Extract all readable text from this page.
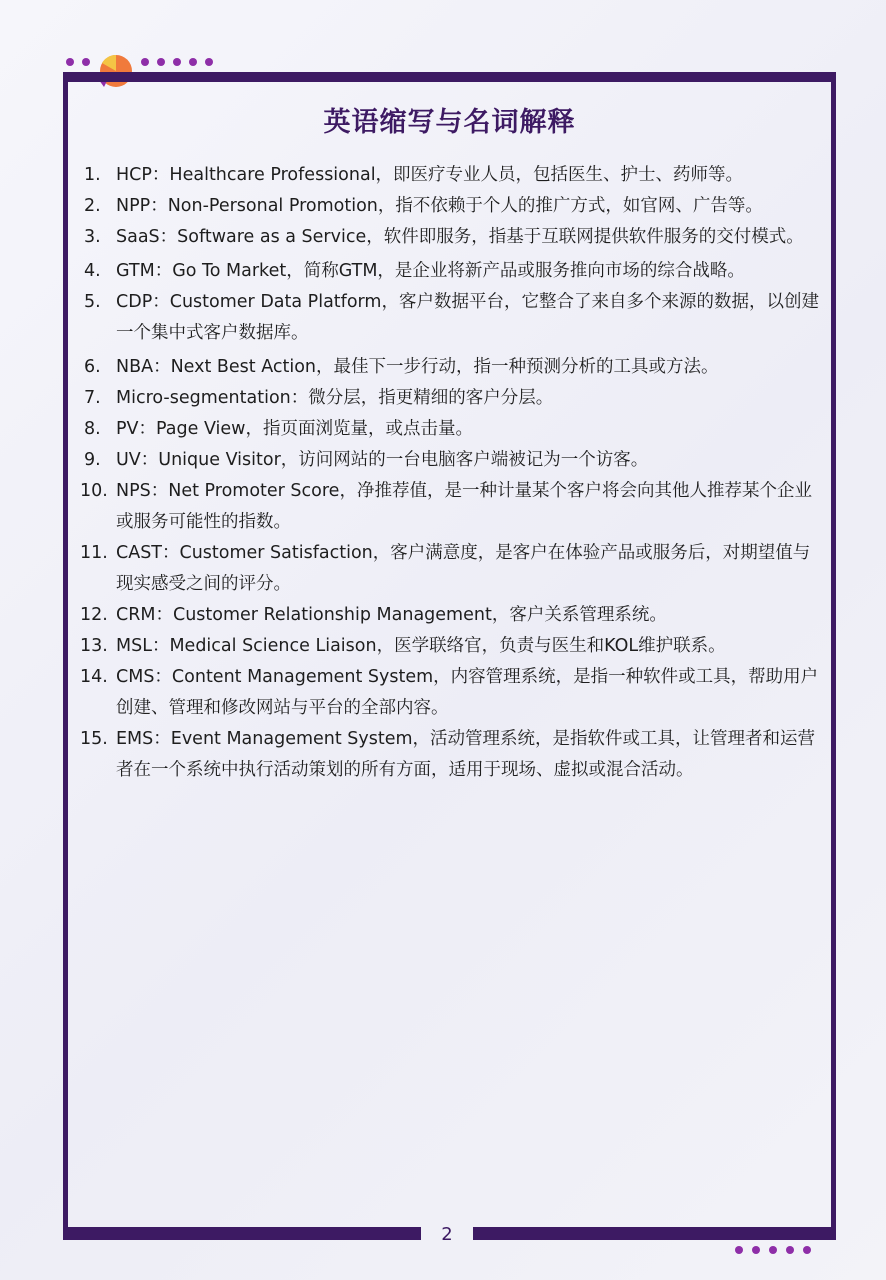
2
英语缩写与名词解释
1. HCP：Healthcare Professional，即医疗专业人员，包括医生、护士、药师等。
2. NPP：Non-Personal Promotion，指不依赖于个人的推广方式，如官网、广告等。
3. SaaS：Software as a Service，软件即服务，指基于互联网提供软件服务的交付模式。
4. GTM：Go To Market，简称GTM，是企业将新产品或服务推向市场的综合战略。
5. CDP：Customer Data Platform，客户数据平台，它整合了来自多个来源的数据，以创建一个集中式客户数据库。
6. NBA：Next Best Action，最佳下一步行动，指一种预测分析的工具或方法。
7. Micro-segmentation：微分层，指更精细的客户分层。
8. PV：Page View，指页面浏览量，或点击量。
9. UV：Unique Visitor，访问网站的一台电脑客户端被记为一个访客。
10. NPS：Net Promoter Score，净推荐值，是一种计量某个客户将会向其他人推荐某个企业或服务可能性的指数。
11. CAST：Customer Satisfaction，客户满意度，是客户在体验产品或服务后，对期望值与现实感受之间的评分。
12. CRM：Customer Relationship Management，客户关系管理系统。
13. MSL：Medical Science Liaison，医学联络官，负责与医生和KOL维护联系。
14. CMS：Content Management System，内容管理系统，是指一种软件或工具，帮助用户创建、管理和修改网站与平台的全部内容。
15. EMS：Event Management System，活动管理系统，是指软件或工具，让管理者和运营者在一个系统中执行活动策划的所有方面，适用于现场、虚拟或混合活动。
